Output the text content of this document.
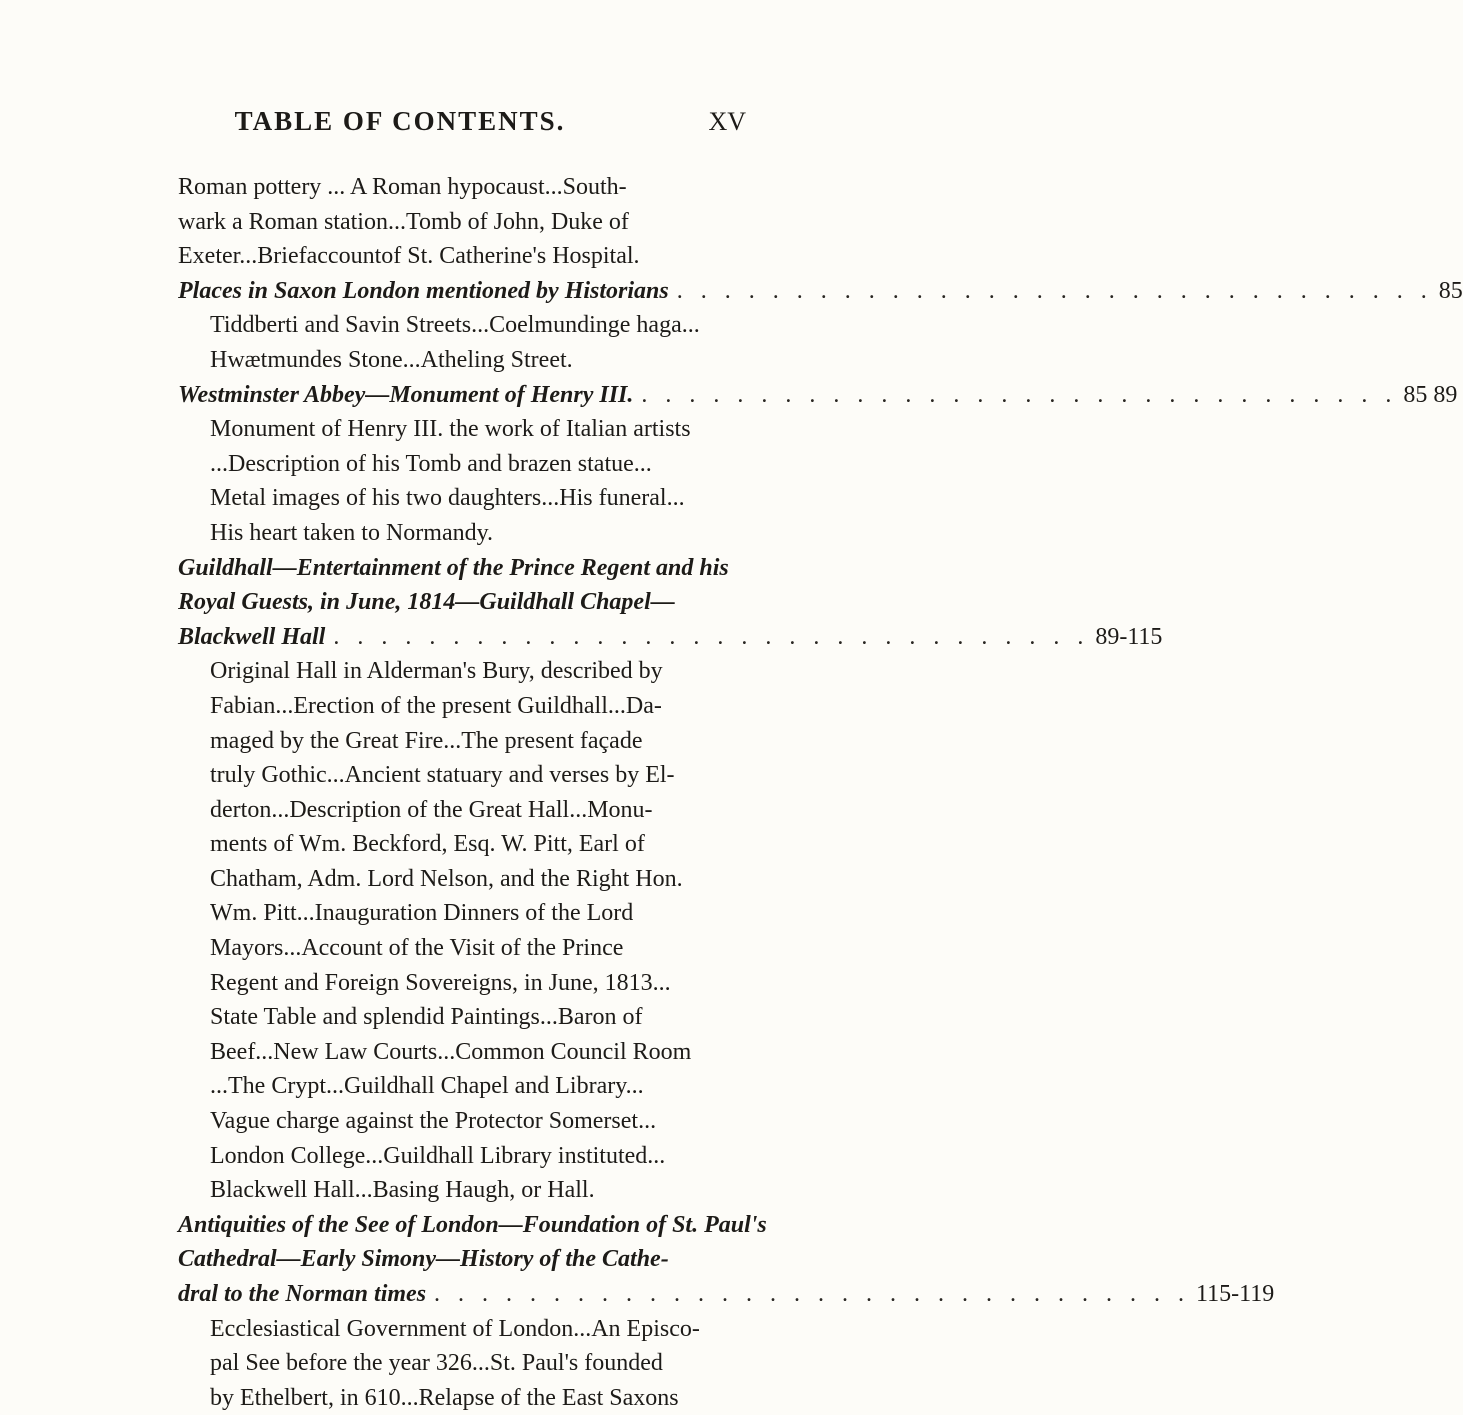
TABLE OF CONTENTS.	XV
Roman pottery ... A Roman hypocaust...South-
wark a Roman station...Tomb of John, Duke of
Exeter...Briefaccountof St. Catherine's Hospital.
Places in Saxon London mentioned by Historians . . . . . . . . . . . . . . . . . . . . . . . . . . . . . . . . 85
Tiddberti and Savin Streets...Coelmundinge haga...
Hwætmundes Stone...Atheling Street.
Westminster Abbey—Monument of Henry III. . . . . . . . . . . . . . . . . . . . . . . . . . . . . . . . . 85 89
Monument of Henry III. the work of Italian artists
...Description of his Tomb and brazen statue...
Metal images of his two daughters...His funeral...
His heart taken to Normandy.
Guildhall—Entertainment of the Prince Regent and his
Royal Guests, in June, 1814—Guildhall Chapel—
Blackwell Hall . . . . . . . . . . . . . . . . . . . . . . . . . . . . . . . . 89-115
Original Hall in Alderman's Bury, described by
Fabian...Erection of the present Guildhall...Da-
maged by the Great Fire...The present façade
truly Gothic...Ancient statuary and verses by El-
derton...Description of the Great Hall...Monu-
ments of Wm. Beckford, Esq. W. Pitt, Earl of
Chatham, Adm. Lord Nelson, and the Right Hon.
Wm. Pitt...Inauguration Dinners of the Lord
Mayors...Account of the Visit of the Prince
Regent and Foreign Sovereigns, in June, 1813...
State Table and splendid Paintings...Baron of
Beef...New Law Courts...Common Council Room
...The Crypt...Guildhall Chapel and Library...
Vague charge against the Protector Somerset...
London College...Guildhall Library instituted...
Blackwell Hall...Basing Haugh, or Hall.
Antiquities of the See of London—Foundation of St. Paul's
Cathedral—Early Simony—History of the Cathe-
dral to the Norman times . . . . . . . . . . . . . . . . . . . . . . . . . . . . . . . . 115-119
Ecclesiastical Government of London...An Episco-
pal See before the year 326...St. Paul's founded
by Ethelbert, in 610...Relapse of the East Saxons
